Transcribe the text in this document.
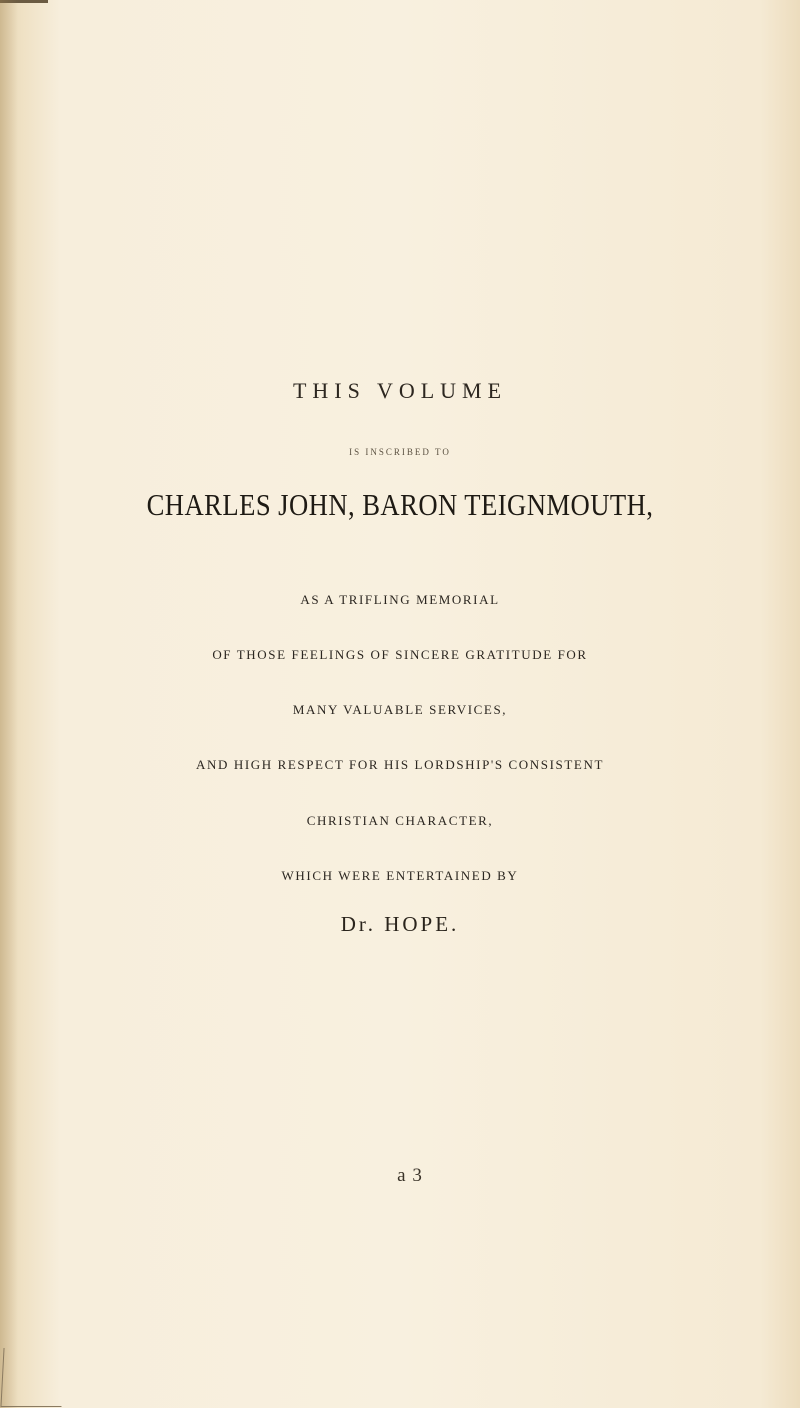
THIS VOLUME
IS INSCRIBED TO
CHARLES JOHN, BARON TEIGNMOUTH,
AS A TRIFLING MEMORIAL
OF THOSE FEELINGS OF SINCERE GRATITUDE FOR
MANY VALUABLE SERVICES,
AND HIGH RESPECT FOR HIS LORDSHIP'S CONSISTENT
CHRISTIAN CHARACTER,
WHICH WERE ENTERTAINED BY
Dr. HOPE.
a 3
